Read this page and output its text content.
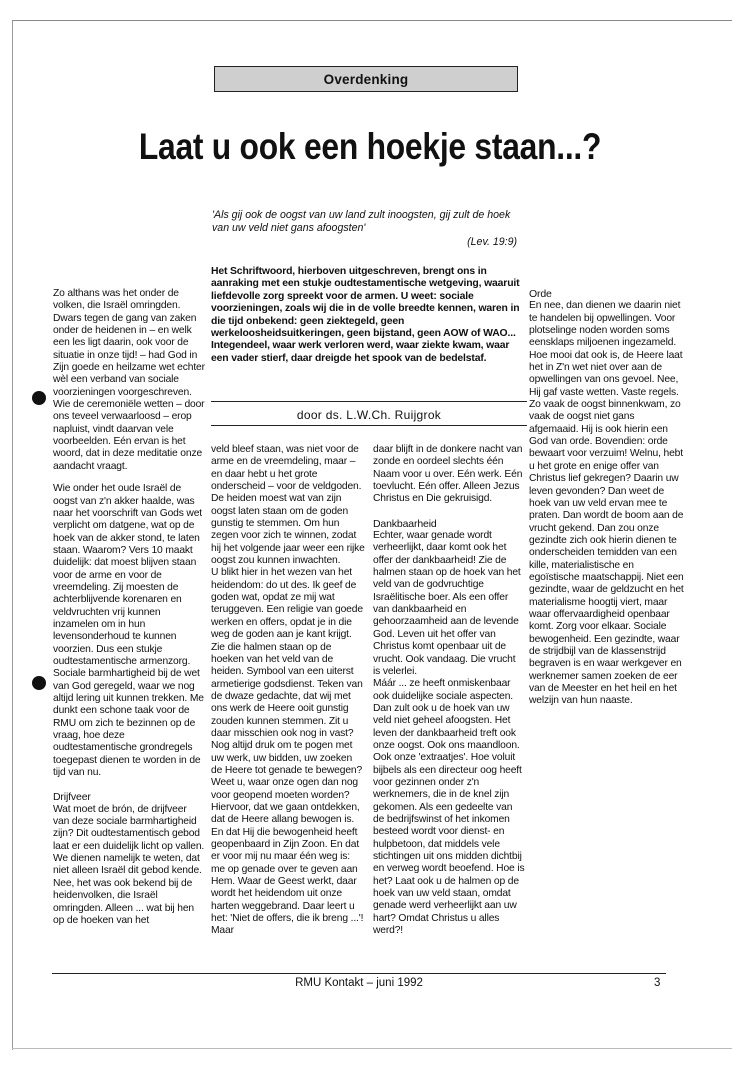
Overdenking
Laat u ook een hoekje staan...?
'Als gij ook de oogst van uw land zult inoogsten, gij zult de hoek van uw veld niet gans afoogsten'
(Lev. 19:9)
Het Schriftwoord, hierboven uitgeschreven, brengt ons in aanraking met een stukje oudtestamentische wetgeving, waaruit liefdevolle zorg spreekt voor de armen. U weet: sociale voorzieningen, zoals wij die in de volle breedte kennen, waren in die tijd onbekend: geen ziektegeld, geen werkeloosheidsuitkeringen, geen bijstand, geen AOW of WAO... Integendeel, waar werk verloren werd, waar ziekte kwam, waar een vader stierf, daar dreigde het spook van de bedelstaf.
door ds. L.W.Ch. Ruijgrok

Zo althans was het onder de volken, die Israël omringden. Dwars tegen de gang van zaken onder de heidenen in – en welk een les ligt daarin, ook voor de situatie in onze tijd! – had God in Zijn goede en heilzame wet echter wèl een verband van sociale voorzieningen voorgeschreven. Wie de ceremoniële wetten – door ons teveel verwaarloosd – erop napluist, vindt daarvan vele voorbeelden. Eén ervan is het woord, dat in deze meditatie onze aandacht vraagt.

Wie onder het oude Israël de oogst van z'n akker haalde, was naar het voorschrift van Gods wet verplicht om datgene, wat op de hoek van de akker stond, te laten staan. Waarom? Vers 10 maakt duidelijk: dat moest blijven staan voor de arme en voor de vreemdeling. Zij moesten de achterblijvende korenaren en veldvruchten vrij kunnen inzamelen om in hun levensonderhoud te kunnen voorzien. Dus een stukje oudtestamentische armenzorg. Sociale barmhartigheid bij de wet van God geregeld, waar we nog altijd lering uit kunnen trekken. Me dunkt een schone taak voor de RMU om zich te bezinnen op de vraag, hoe deze oudtestamentische grondregels toegepast dienen te worden in de tijd van nu.

Drijfveer

Wat moet de brón, de drijfveer van deze sociale barmhartigheid zijn? Dit oudtestamentisch gebod laat er een duidelijk licht op vallen. We dienen namelijk te weten, dat niet alleen Israël dit gebod kende. Nee, het was ook bekend bij de heidenvolken, die Israël omringden. Alleen ... wat bij hen op de hoeken van het

veld bleef staan, was niet voor de arme en de vreemdeling, maar – en daar hebt u het grote onderscheid – voor de veldgoden. De heiden moest wat van zijn oogst laten staan om de goden gunstig te stemmen. Om hun zegen voor zich te winnen, zodat hij het volgende jaar weer een rijke oogst zou kunnen inwachten.

U blikt hier in het wezen van het heidendom: do ut des. Ik geef de goden wat, opdat ze mij wat teruggeven. Een religie van goede werken en offers, opdat je in die weg de goden aan je kant krijgt. Zie die halmen staan op de hoeken van het veld van de heiden. Symbool van een uiterst armetierige godsdienst. Teken van de dwaze gedachte, dat wij met ons werk de Heere ooit gunstig zouden kunnen stemmen. Zit u daar misschien ook nog in vast? Nog altijd druk om te pogen met uw werk, uw bidden, uw zoeken de Heere tot genade te bewegen? Weet u, waar onze ogen dan nog voor geopend moeten worden? Hiervoor, dat we gaan ontdekken, dat de Heere allang bewogen is. En dat Hij die bewogenheid heeft geopenbaard in Zijn Zoon. En dat er voor mij nu maar één weg is: me op genade over te geven aan Hem. Waar de Geest werkt, daar wordt het heidendom uit onze harten weggebrand. Daar leert u het: 'Niet de offers, die ik breng ...'! Maar

daar blijft in de donkere nacht van zonde en oordeel slechts één Naam voor u over. Eén werk. Eén toevlucht. Eén offer. Alleen Jezus Christus en Die gekruisigd.

Dankbaarheid

Echter, waar genade wordt verheerlijkt, daar komt ook het offer der dankbaarheid! Zie de halmen staan op de hoek van het veld van de godvruchtige Israëlitische boer. Als een offer van dankbaarheid en gehoorzaamheid aan de levende God. Leven uit het offer van Christus komt openbaar uit de vrucht. Ook vandaag. Die vrucht is velerlei.

Máár ... ze heeft onmiskenbaar ook duidelijke sociale aspecten. Dan zult ook u de hoek van uw veld niet geheel afoogsten. Het leven der dankbaarheid treft ook onze oogst. Ook ons maandloon. Ook onze 'extraatjes'. Hoe voluit bijbels als een directeur oog heeft voor gezinnen onder z'n werknemers, die in de knel zijn gekomen. Als een gedeelte van de bedrijfswinst of het inkomen besteed wordt voor dienst- en hulpbetoon, dat middels vele stichtingen uit ons midden dichtbij en verweg wordt beoefend. Hoe is het? Laat ook u de halmen op de hoek van uw veld staan, omdat genade werd verheerlijkt aan uw hart? Omdat Christus u alles werd?!

Orde

En nee, dan dienen we daarin niet te handelen bij opwellingen. Voor plotselinge noden worden soms eensklaps miljoenen ingezameld. Hoe mooi dat ook is, de Heere laat het in Z'n wet niet over aan de opwellingen van ons gevoel. Nee, Hij gaf vaste wetten. Vaste regels. Zo vaak de oogst binnenkwam, zo vaak de oogst niet gans afgemaaid. Hij is ook hierin een God van orde. Bovendien: orde bewaart voor verzuim! Welnu, hebt u het grote en enige offer van Christus lief gekregen? Daarin uw leven gevonden? Dan weet de hoek van uw veld ervan mee te praten. Dan wordt de boom aan de vrucht gekend. Dan zou onze gezindte zich ook hierin dienen te onderscheiden temidden van een kille, materialistische en egoïstische maatschappij. Niet een gezindte, waar de geldzucht en het materialisme hoogtij viert, maar waar offervaardigheid openbaar komt. Zorg voor elkaar. Sociale bewogenheid. Een gezindte, waar de strijdbijl van de klassenstrijd begraven is en waar werkgever en werknemer samen zoeken de eer van de Meester en het heil en het welzijn van hun naaste.

RMU Kontakt – juni 1992	3
